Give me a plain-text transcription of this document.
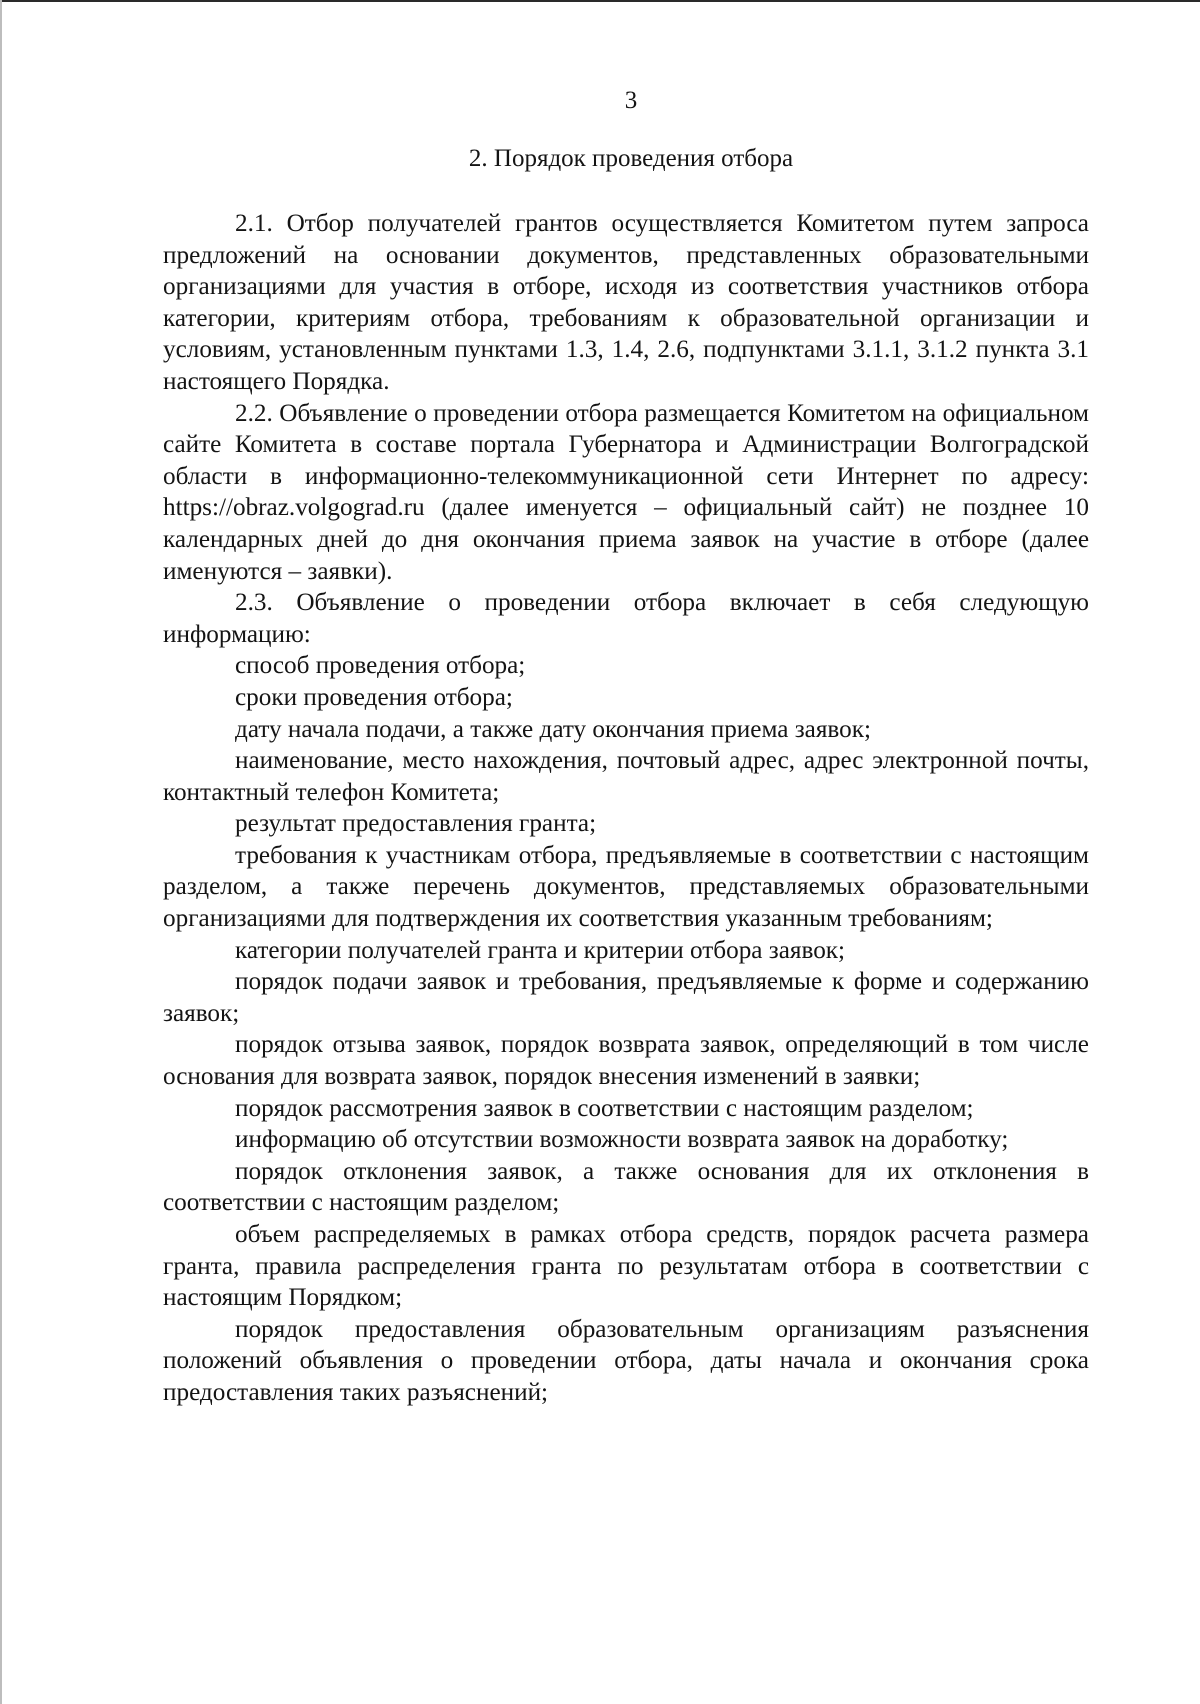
3
2. Порядок проведения отбора

2.1. Отбор получателей грантов осуществляется Комитетом путем запроса предложений на основании документов, представленных образовательными организациями для участия в отборе, исходя из соответствия участников отбора категории, критериям отбора, требованиям к образовательной организации и условиям, установленным пунктами 1.3, 1.4, 2.6, подпунктами 3.1.1, 3.1.2 пункта 3.1 настоящего Порядка.

2.2. Объявление о проведении отбора размещается Комитетом на официальном сайте Комитета в составе портала Губернатора и Администрации Волгоградской области в информационно-телекоммуникационной сети Интернет по адресу: https://obraz.volgograd.ru (далее именуется – официальный сайт) не позднее 10 календарных дней до дня окончания приема заявок на участие в отборе (далее именуются – заявки).

2.3. Объявление о проведении отбора включает в себя следующую информацию:

способ проведения отбора;

сроки проведения отбора;

дату начала подачи, а также дату окончания приема заявок;

наименование, место нахождения, почтовый адрес, адрес электронной почты, контактный телефон Комитета;

результат предоставления гранта;

требования к участникам отбора, предъявляемые в соответствии с настоящим разделом, а также перечень документов, представляемых образовательными организациями для подтверждения их соответствия указанным требованиям;

категории получателей гранта и критерии отбора заявок;

порядок подачи заявок и требования, предъявляемые к форме и содержанию заявок;

порядок отзыва заявок, порядок возврата заявок, определяющий в том числе основания для возврата заявок, порядок внесения изменений в заявки;

порядок рассмотрения заявок в соответствии с настоящим разделом;

информацию об отсутствии возможности возврата заявок на доработку;

порядок отклонения заявок, а также основания для их отклонения в соответствии с настоящим разделом;

объем распределяемых в рамках отбора средств, порядок расчета размера гранта, правила распределения гранта по результатам отбора в соответствии с настоящим Порядком;

порядок предоставления образовательным организациям разъяснения положений объявления о проведении отбора, даты начала и окончания срока предоставления таких разъяснений;
